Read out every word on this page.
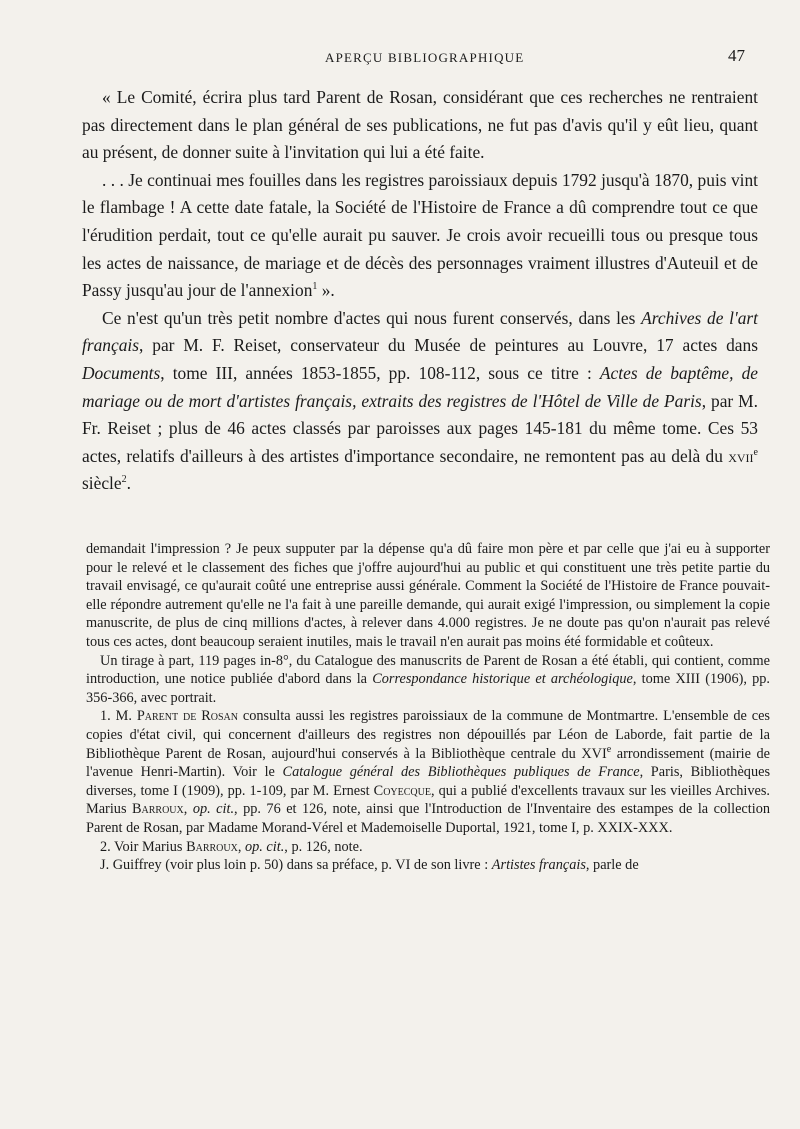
APERÇU BIBLIOGRAPHIQUE	47

« Le Comité, écrira plus tard Parent de Rosan, considérant que ces recherches ne rentraient pas directement dans le plan général de ses publications, ne fut pas d'avis qu'il y eût lieu, quant au présent, de donner suite à l'invitation qui lui a été faite.

. . . Je continuai mes fouilles dans les registres paroissiaux depuis 1792 jusqu'à 1870, puis vint le flambage ! A cette date fatale, la Société de l'Histoire de France a dû comprendre tout ce que l'érudition perdait, tout ce qu'elle aurait pu sauver. Je crois avoir recueilli tous ou presque tous les actes de naissance, de mariage et de décès des personnages vraiment illustres d'Auteuil et de Passy jusqu'au jour de l'annexion$^1$ ».

Ce n'est qu'un très petit nombre d'actes qui nous furent conservés, dans les Archives de l'art français, par M. F. Reiset, conservateur du Musée de peintures au Louvre, 17 actes dans Documents, tome III, années 1853-1855, pp. 108-112, sous ce titre : Actes de baptême, de mariage ou de mort d'artistes français, extraits des registres de l'Hôtel de Ville de Paris, par M. Fr. Reiset ; plus de 46 actes classés par paroisses aux pages 145-181 du même tome. Ces 53 actes, relatifs d'ailleurs à des artistes d'importance secondaire, ne remontent pas au delà du xvii$^e$ siècle$^2$.

demandait l'impression ? Je peux supputer par la dépense qu'a dû faire mon père et par celle que j'ai eu à supporter pour le relevé et le classement des fiches que j'offre aujourd'hui au public et qui constituent une très petite partie du travail envisagé, ce qu'aurait coûté une entreprise aussi générale. Comment la Société de l'Histoire de France pouvait-elle répondre autrement qu'elle ne l'a fait à une pareille demande, qui aurait exigé l'impression, ou simplement la copie manuscrite, de plus de cinq millions d'actes, à relever dans 4.000 registres. Je ne doute pas qu'on n'aurait pas relevé tous ces actes, dont beaucoup seraient inutiles, mais le travail n'en aurait pas moins été formidable et coûteux.

Un tirage à part, 119 pages in-8°, du Catalogue des manuscrits de Parent de Rosan a été établi, qui contient, comme introduction, une notice publiée d'abord dans la Correspondance historique et archéologique, tome XIII (1906), pp. 356-366, avec portrait.

1. M. Parent de Rosan consulta aussi les registres paroissiaux de la commune de Montmartre. L'ensemble de ces copies d'état civil, qui concernent d'ailleurs des registres non dépouillés par Léon de Laborde, fait partie de la Bibliothèque Parent de Rosan, aujourd'hui conservés à la Bibliothèque centrale du XVIe arrondissement (mairie de l'avenue Henri-Martin). Voir le Catalogue général des Bibliothèques publiques de France, Paris, Bibliothèques diverses, tome I (1909), pp. 1-109, par M. Ernest Coyecque, qui a publié d'excellents travaux sur les vieilles Archives. Marius Barroux, op. cit., pp. 76 et 126, note, ainsi que l'Introduction de l'Inventaire des estampes de la collection Parent de Rosan, par Madame Morand-Vérel et Mademoiselle Duportal, 1921, tome I, p. XXIX-XXX.

2. Voir Marius Barroux, op. cit., p. 126, note.

J. Guiffrey (voir plus loin p. 50) dans sa préface, p. VI de son livre : Artistes français, parle de
